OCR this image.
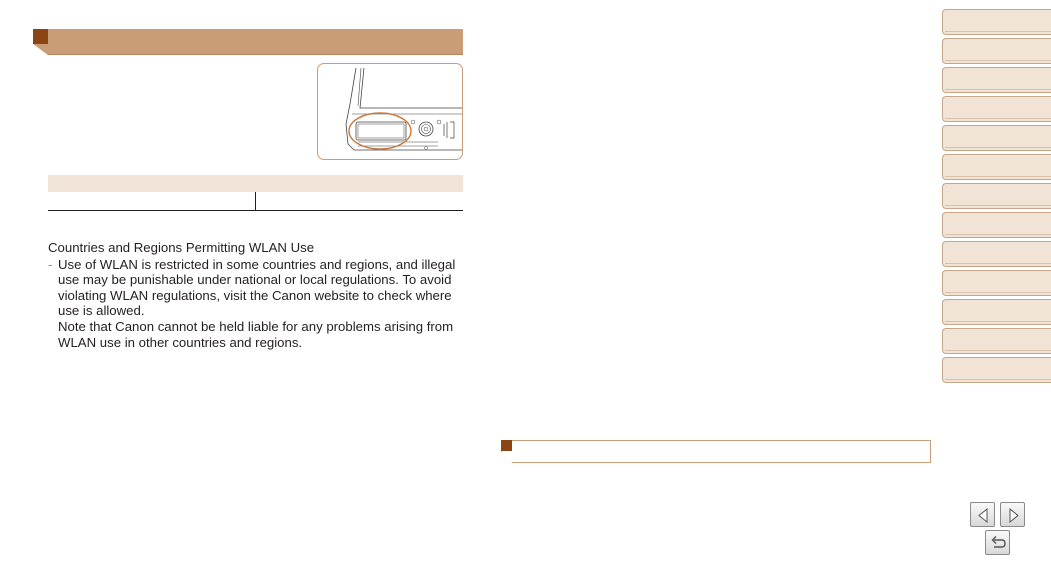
Countries and Regions Permitting WLAN Use
- Use of WLAN is restricted in some countries and regions, and illegal use may be punishable under national or local regulations. To avoid violating WLAN regulations, visit the Canon website to check where use is allowed.
Note that Canon cannot be held liable for any problems arising from WLAN use in other countries and regions.
